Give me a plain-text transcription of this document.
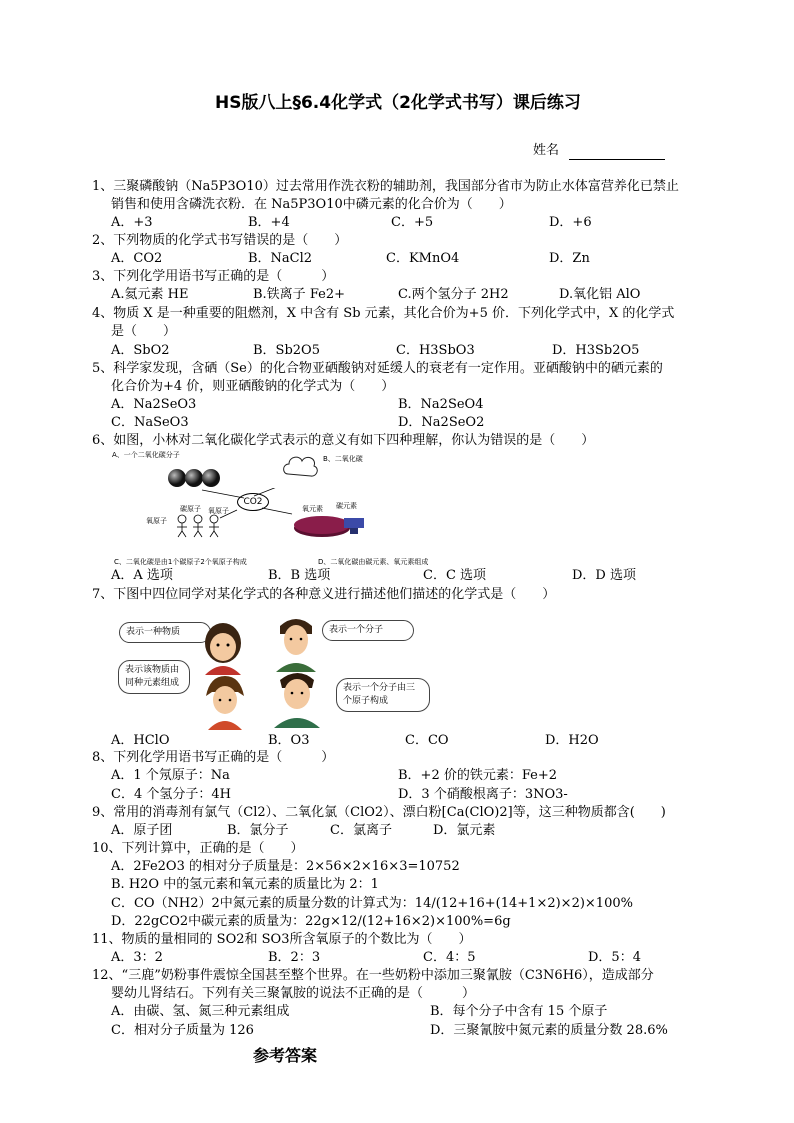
HS版八上§6.4化学式（2化学式书写）课后练习
姓名
1、三聚磷酸钠（Na5P3O10）过去常用作洗衣粉的辅助剂，我国部分省市为防止水体富营养化已禁止
销售和使用含磷洗衣粉．在 Na5P3O10中磷元素的化合价为（　　）
A．+3	B．+4	C．+5	D．+6
2、下列物质的化学式书写错误的是（　　）
A．CO2	B．NaCl2	C．KMnO4	D．Zn
3、下列化学用语书写正确的是（　　　）
A.氦元素 HE	B.铁离子 Fe2+	C.两个氢分子 2H2	D.氧化铝 AlO
4、物质 X 是一种重要的阻燃剂，X 中含有 Sb 元素，其化合价为+5 价．下列化学式中，X 的化学式
是（　　）
A．SbO2	B．Sb2O5	C．H3SbO3	D．H3Sb2O5
5、科学家发现，含硒（Se）的化合物亚硒酸钠对延缓人的衰老有一定作用。亚硒酸钠中的硒元素的
化合价为+4 价，则亚硒酸钠的化学式为（　　）
A．Na2SeO3	B．Na2SeO4
C．NaSeO3	D．Na2SeO2
6、如图，小林对二氧化碳化学式表示的意义有如下四种理解，你认为错误的是（　　）
A、一个二氧化碳分子	B、二氧化碳
CO2
碳原子 氧原子
氧原子
氧元素 碳元素
C、二氧化碳是由1个碳原子2个氧原子构成	D、二氧化碳由碳元素、氧元素组成
A．A 选项	B．B 选项	C．C 选项	D．D 选项
7、下图中四位同学对某化学式的各种意义进行描述他们描述的化学式是（　　）
表示一种物质	表示一个分子
表示该物质由同种元素组成	表示一个分子由三个原子构成
A．HClO	B．O3	C．CO	D．H2O
8、下列化学用语书写正确的是（　　　）
A．1 个氖原子：Na	B．+2 价的铁元素：Fe+2
C．4 个氢分子：4H	D．3 个硝酸根离子：3NO3-
9、常用的消毒剂有氯气（Cl2）、二氧化氯（ClO2）、漂白粉[Ca(ClO)2]等，这三种物质都含(　　)
A．原子团	B．氯分子	C．氯离子	D．氯元素
10、下列计算中，正确的是（　　）
A．2Fe2O3 的相对分子质量是：2×56×2×16×3=10752
B. H2O 中的氢元素和氧元素的质量比为 2：1
C．CO（NH2）2中氮元素的质量分数的计算式为：14/(12+16+(14+1×2)×2)×100%
D．22gCO2中碳元素的质量为：22g×12/(12+16×2)×100%=6g
11、物质的量相同的 SO2和 SO3所含氧原子的个数比为（　　）
A．3：2	B．2：3	C．4：5	D．5：4
12、“三鹿”奶粉事件震惊全国甚至整个世界。在一些奶粉中添加三聚氰胺（C3N6H6），造成部分
婴幼儿肾结石。下列有关三聚氰胺的说法不正确的是（　　　）
A．由碳、氢、氮三种元素组成	B．每个分子中含有 15 个原子
C．相对分子质量为 126	D．三聚氰胺中氮元素的质量分数 28.6%
参考答案
